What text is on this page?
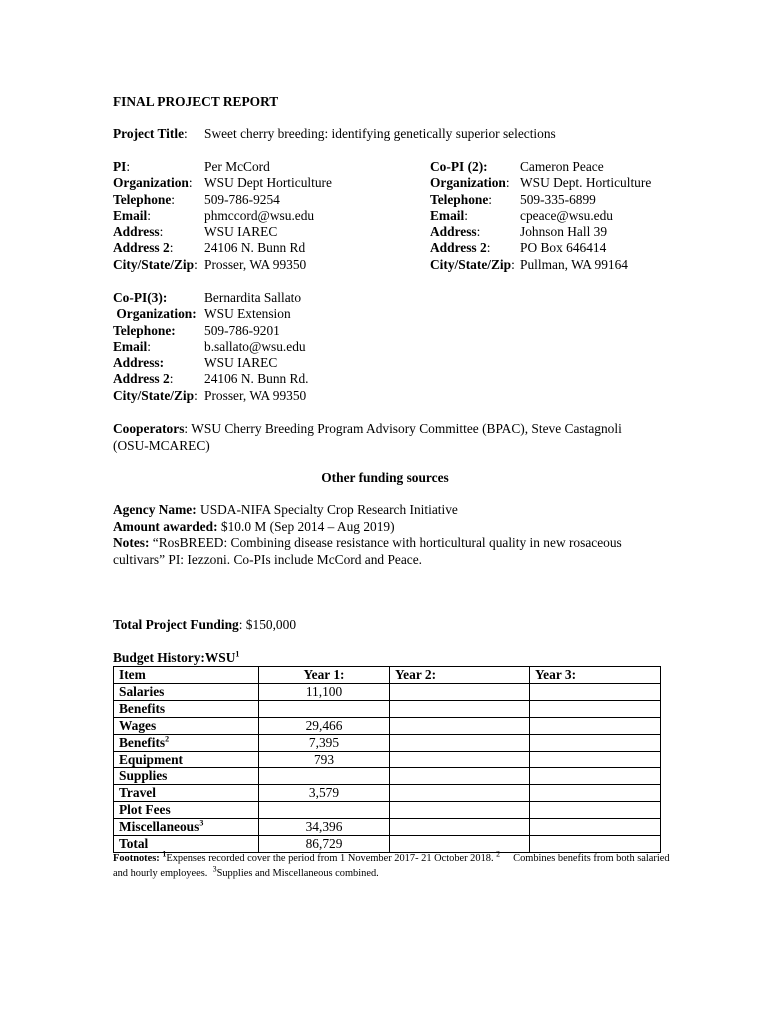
FINAL PROJECT REPORT
Project Title: Sweet cherry breeding: identifying genetically superior selections
PI:	Per McCord
Organization: WSU Dept Horticulture
Telephone:	509-786-9254
Email:	phmccord@wsu.edu
Address:	WSU IAREC
Address 2:	24106 N. Bunn Rd
City/State/Zip: Prosser, WA 99350
Co-PI (2):	Cameron Peace
Organization: WSU Dept. Horticulture
Telephone:	509-335-6899
Email:	cpeace@wsu.edu
Address:	Johnson Hall 39
Address 2:	PO Box 646414
City/State/Zip: Pullman, WA 99164
Co-PI(3):	Bernardita Sallato
Organization: WSU Extension
Telephone:	509-786-9201
Email:	b.sallato@wsu.edu
Address:	WSU IAREC
Address 2:	24106 N. Bunn Rd.
City/State/Zip: Prosser, WA 99350
Cooperators: WSU Cherry Breeding Program Advisory Committee (BPAC), Steve Castagnoli
(OSU-MCAREC)
Other funding sources
Agency Name: USDA-NIFA Specialty Crop Research Initiative
Amount awarded: $10.0 M (Sep 2014 – Aug 2019)
Notes: “RosBREED: Combining disease resistance with horticultural quality in new rosaceous
cultivars” PI: Iezzoni. Co-PIs include McCord and Peace.
Total Project Funding: $150,000
Budget History:WSU$^1$
Item	Year 1:	Year 2:	Year 3:
Salaries	11,100		
Benefits			
Wages	29,466		
Benefits$^2$	7,395		
Equipment	793		
Supplies			
Travel	3,579		
Plot Fees			
Miscellaneous$^3$	34,396		
Total	86,729		
Footnotes: $^1$Expenses recorded cover the period from 1 November 2017- 21 October 2018. $^2$     Combines benefits from both salaried and hourly employees.  $^3$Supplies and Miscellaneous combined.
